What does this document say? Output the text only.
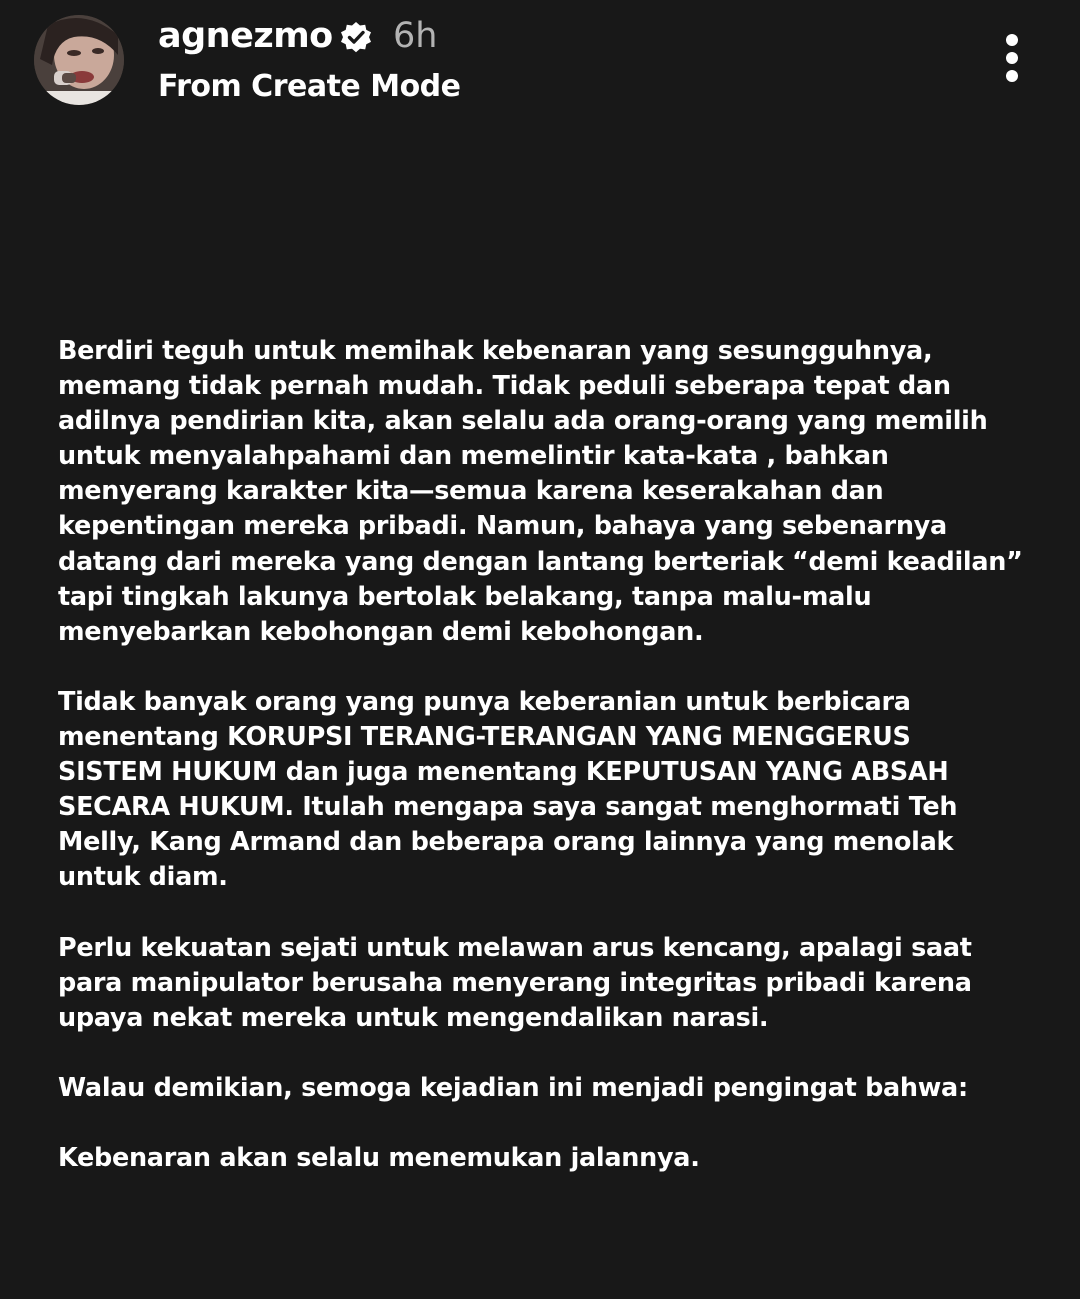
agnezmo 6h
From Create Mode
Berdiri teguh untuk memihak kebenaran yang sesungguhnya,
memang tidak pernah mudah. Tidak peduli seberapa tepat dan
adilnya pendirian kita, akan selalu ada orang-orang yang memilih
untuk menyalahpahami dan memelintir kata-kata , bahkan
menyerang karakter kita—semua karena keserakahan dan
kepentingan mereka pribadi. Namun, bahaya yang sebenarnya
datang dari mereka yang dengan lantang berteriak “demi keadilan”
tapi tingkah lakunya bertolak belakang, tanpa malu-malu
menyebarkan kebohongan demi kebohongan.
Tidak banyak orang yang punya keberanian untuk berbicara
menentang KORUPSI TERANG-TERANGAN YANG MENGGERUS
SISTEM HUKUM dan juga menentang KEPUTUSAN YANG ABSAH
SECARA HUKUM. Itulah mengapa saya sangat menghormati Teh
Melly, Kang Armand dan beberapa orang lainnya yang menolak
untuk diam.
Perlu kekuatan sejati untuk melawan arus kencang, apalagi saat
para manipulator berusaha menyerang integritas pribadi karena
upaya nekat mereka untuk mengendalikan narasi.
Walau demikian, semoga kejadian ini menjadi pengingat bahwa:
Kebenaran akan selalu menemukan jalannya.
